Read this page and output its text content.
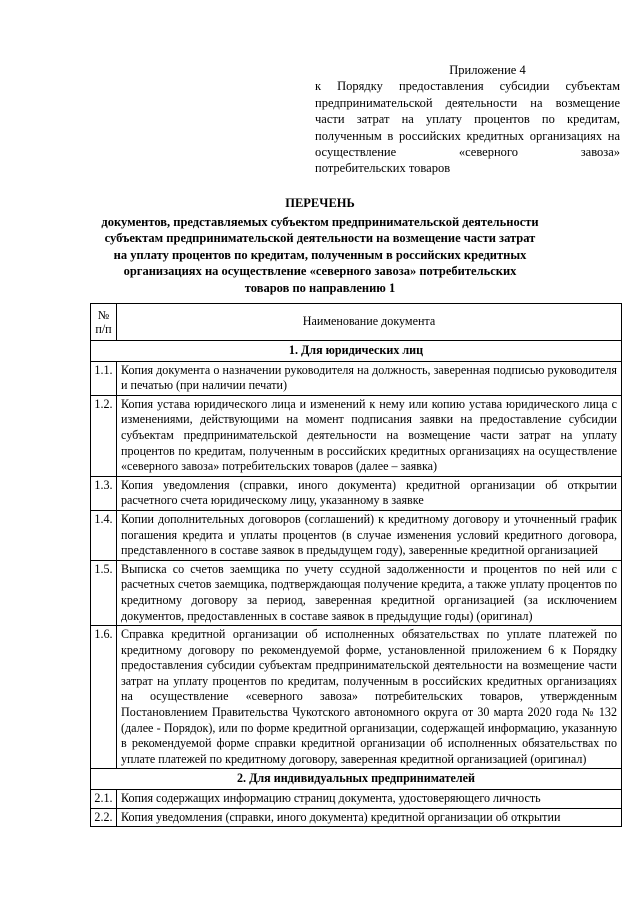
Приложение 4
к Порядку предоставления субсидии субъектам предпринимательской деятельности на возмещение части затрат на уплату процентов по кредитам, полученным в российских кредитных организациях на осуществление «северного завоза»
потребительских товаров
ПЕРЕЧЕНЬ
документов, представляемых субъектом предпринимательской деятельности субъектам предпринимательской деятельности на возмещение части затрат на уплату процентов по кредитам, полученным в российских кредитных организациях на осуществление «северного завоза» потребительских товаров по направлению 1
№
п/п	Наименование документа
1. Для юридических лиц	
1.1.	Копия документа о назначении руководителя на должность, заверенная подписью руководителя и печатью (при наличии печати)
1.2.	Копия устава юридического лица и изменений к нему или копию устава юридического лица с изменениями, действующими на момент подписания заявки на предоставление субсидии субъектам предпринимательской деятельности на возмещение части затрат на уплату процентов по кредитам, полученным в российских кредитных организациях на осуществление «северного завоза» потребительских товаров (далее – заявка)
1.3.	Копия уведомления (справки, иного документа) кредитной организации об открытии расчетного счета юридическому лицу, указанному в заявке
1.4.	Копии дополнительных договоров (соглашений) к кредитному договору и уточненный график погашения кредита и уплаты процентов (в случае изменения условий кредитного договора, представленного в составе заявок в предыдущем году), заверенные кредитной организацией
1.5.	Выписка со счетов заемщика по учету ссудной задолженности и процентов по ней или с расчетных счетов заемщика, подтверждающая получение кредита, а также уплату процентов по кредитному договору за период, заверенная кредитной организацией (за исключением документов, предоставленных в составе заявок в предыдущие годы) (оригинал)
1.6.	Справка кредитной организации об исполненных обязательствах по уплате платежей по кредитному договору по рекомендуемой форме, установленной приложением 6 к Порядку предоставления субсидии субъектам предпринимательской деятельности на возмещение части затрат на уплату процентов по кредитам, полученным в российских кредитных организациях на осуществление «северного завоза» потребительских товаров, утвержденным Постановлением Правительства Чукотского автономного округа от 30 марта 2020 года № 132 (далее - Порядок), или по форме кредитной организации, содержащей информацию, указанную в рекомендуемой форме справки кредитной организации об исполненных обязательствах по уплате платежей по кредитному договору, заверенная кредитной организацией (оригинал)
2. Для индивидуальных предпринимателей	
2.1.	Копия содержащих информацию страниц документа, удостоверяющего личность
2.2.	Копия уведомления (справки, иного документа) кредитной организации об открытии
